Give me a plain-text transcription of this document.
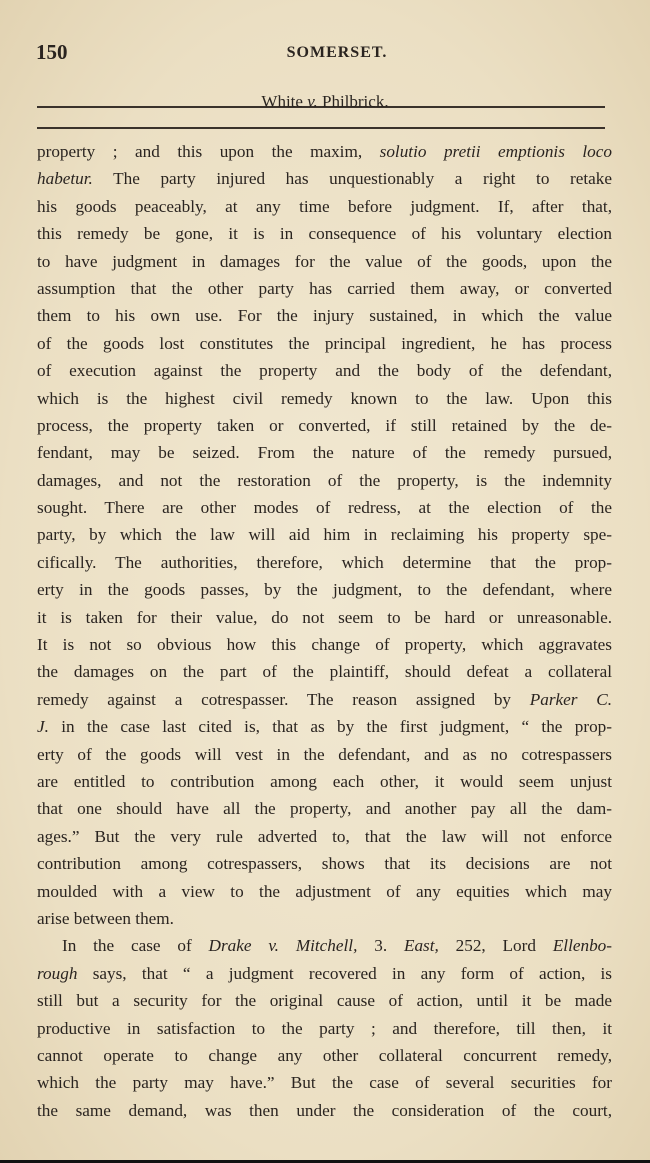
150	SOMERSET.
White v. Philbrick.
property ; and this upon the maxim, solutio pretii emptionis loco
habetur. The party injured has unquestionably a right to retake
his goods peaceably, at any time before judgment. If, after that,
this remedy be gone, it is in consequence of his voluntary election
to have judgment in damages for the value of the goods, upon the
assumption that the other party has carried them away, or converted
them to his own use. For the injury sustained, in which the value
of the goods lost constitutes the principal ingredient, he has process
of execution against the property and the body of the defendant,
which is the highest civil remedy known to the law. Upon this
process, the property taken or converted, if still retained by the de-
fendant, may be seized. From the nature of the remedy pursued,
damages, and not the restoration of the property, is the indemnity
sought. There are other modes of redress, at the election of the
party, by which the law will aid him in reclaiming his property spe-
cifically. The authorities, therefore, which determine that the prop-
erty in the goods passes, by the judgment, to the defendant, where
it is taken for their value, do not seem to be hard or unreasonable.
It is not so obvious how this change of property, which aggravates
the damages on the part of the plaintiff, should defeat a collateral
remedy against a cotrespasser. The reason assigned by Parker C.
J. in the case last cited is, that as by the first judgment, “ the prop-
erty of the goods will vest in the defendant, and as no cotrespassers
are entitled to contribution among each other, it would seem unjust
that one should have all the property, and another pay all the dam-
ages.” But the very rule adverted to, that the law will not enforce
contribution among cotrespassers, shows that its decisions are not
moulded with a view to the adjustment of any equities which may
arise between them.
In the case of Drake v. Mitchell, 3. East, 252, Lord Ellenbo-
rough says, that “ a judgment recovered in any form of action, is
still but a security for the original cause of action, until it be made
productive in satisfaction to the party ; and therefore, till then, it
cannot operate to change any other collateral concurrent remedy,
which the party may have.” But the case of several securities for
the same demand, was then under the consideration of the court,
